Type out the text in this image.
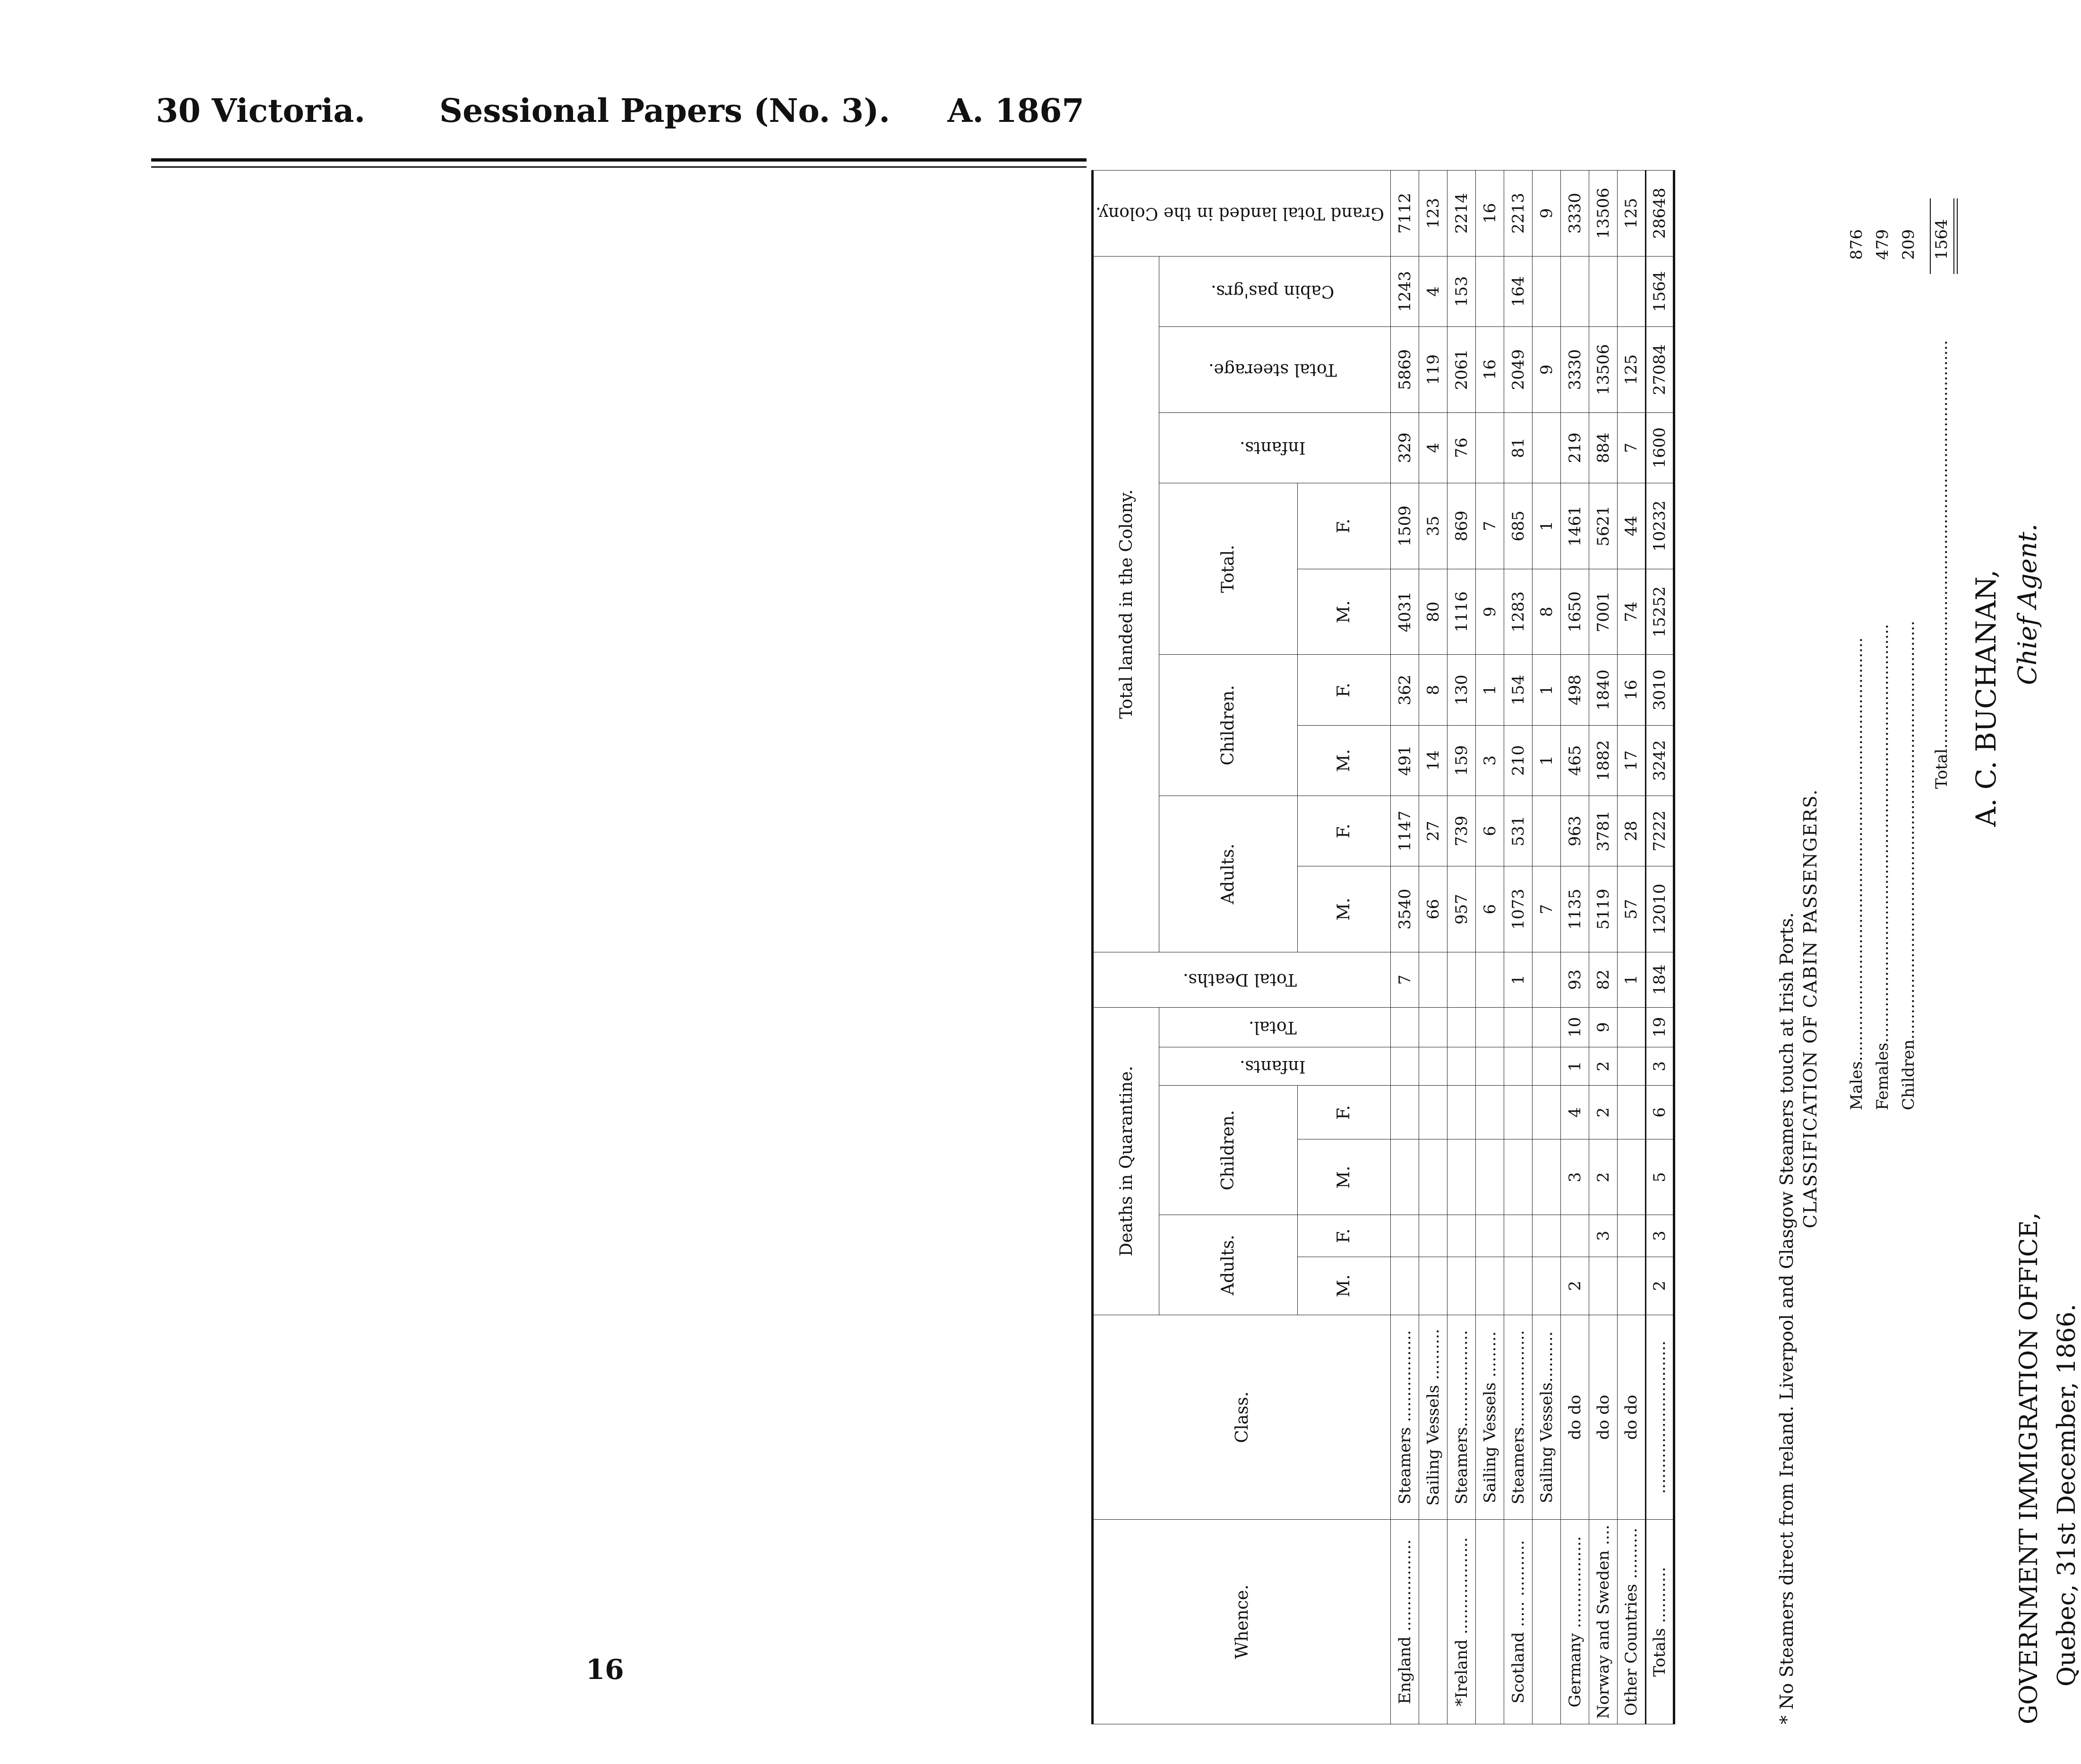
30 Victoria. Sessional Papers (No. 3). A. 1867
Whence.	Class.	Deaths in Quarantine.						Total Deaths.	Total landed in the Colony.									Grand Total landed in the Colony.
		Adults.		Children.		Infants.	Total.		Adults.		Children.		Total.		Infants.	Total steerage.	Cabin pas'grs.	
		M.	F.	M.	F.				M.	F.	M.	F.	M.	F.				
England ..................	Steamers ..................							7	3540	1147	491	362	4031	1509	329	5869	1243	7112
	Sailing Vessels ..........								66	27	14	8	80	35	4	119	4	123
*Ireland ...................	Steamers...................								957	739	159	130	1116	869	76	2061	153	2214
	Sailing Vessels .........								6	6	3	1	9	7		16		16
Scotland ..... ...........	Steamers...................							1	1073	531	210	154	1283	685	81	2049	164	2213
	Sailing Vessels..........								7		1	1	8	1		9		9
Germany ..................	do do	2		3	4	1	10	93	1135	963	465	498	1650	1461	219	3330		3330
Norway and Sweden ....	do do		3	2	2	2	9	82	5119	3781	1882	1840	7001	5621	884	13506		13506
Other Countries ..........	do do							1	57	28	17	16	74	44	7	125		125
Totals ...........	..............................	2	3	5	6	3	19	184	12010	7222	3242	3010	15252	10232	1600	27084	1564	28648
* No Steamers direct from Ireland. Liverpool and Glasgow Steamers touch at Irish Ports. CLASSIFICATION OF CABIN PASSENGERS. Males...................................................................................
876
Females..................................................................................
479
Children..................................................................................
209
Total................................................................................
1564
A. C. BUCHANAN, Chief Agent.
GOVERNMENT IMMIGRATION OFFICE, Quebec, 31st December, 1866.
16
